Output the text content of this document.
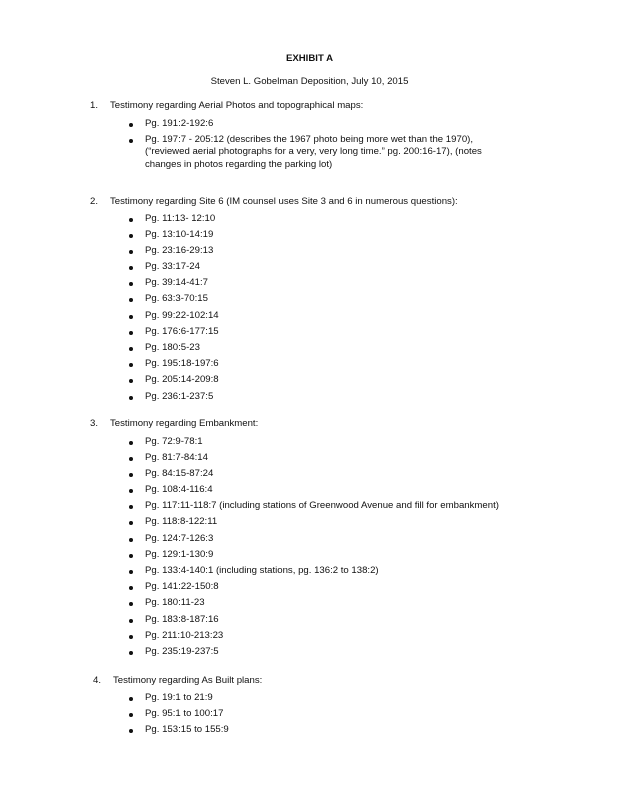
EXHIBIT A
Steven L. Gobelman Deposition, July 10, 2015
1.	Testimony regarding Aerial Photos and topographical maps:
Pg. 191:2-192:6
Pg. 197:7 - 205:12 (describes the 1967 photo being more wet than the 1970), (“reviewed aerial photographs for a very, very long time.” pg. 200:16-17), (notes changes in photos regarding the parking lot)
2.	Testimony regarding Site 6 (IM counsel uses Site 3 and 6 in numerous questions):
Pg. 11:13- 12:10
Pg. 13:10-14:19
Pg. 23:16-29:13
Pg. 33:17-24
Pg. 39:14-41:7
Pg. 63:3-70:15
Pg. 99:22-102:14
Pg. 176:6-177:15
Pg. 180:5-23
Pg. 195:18-197:6
Pg. 205:14-209:8
Pg. 236:1-237:5
3.	Testimony regarding Embankment:
Pg. 72:9-78:1
Pg. 81:7-84:14
Pg. 84:15-87:24
Pg. 108:4-116:4
Pg. 117:11-118:7 (including stations of Greenwood Avenue and fill for embankment)
Pg. 118:8-122:11
Pg. 124:7-126:3
Pg. 129:1-130:9
Pg. 133:4-140:1 (including stations, pg. 136:2 to 138:2)
Pg. 141:22-150:8
Pg. 180:11-23
Pg. 183:8-187:16
Pg. 211:10-213:23
Pg. 235:19-237:5
4.	Testimony regarding As Built plans:
Pg. 19:1 to 21:9
Pg. 95:1 to 100:17
Pg. 153:15 to 155:9
